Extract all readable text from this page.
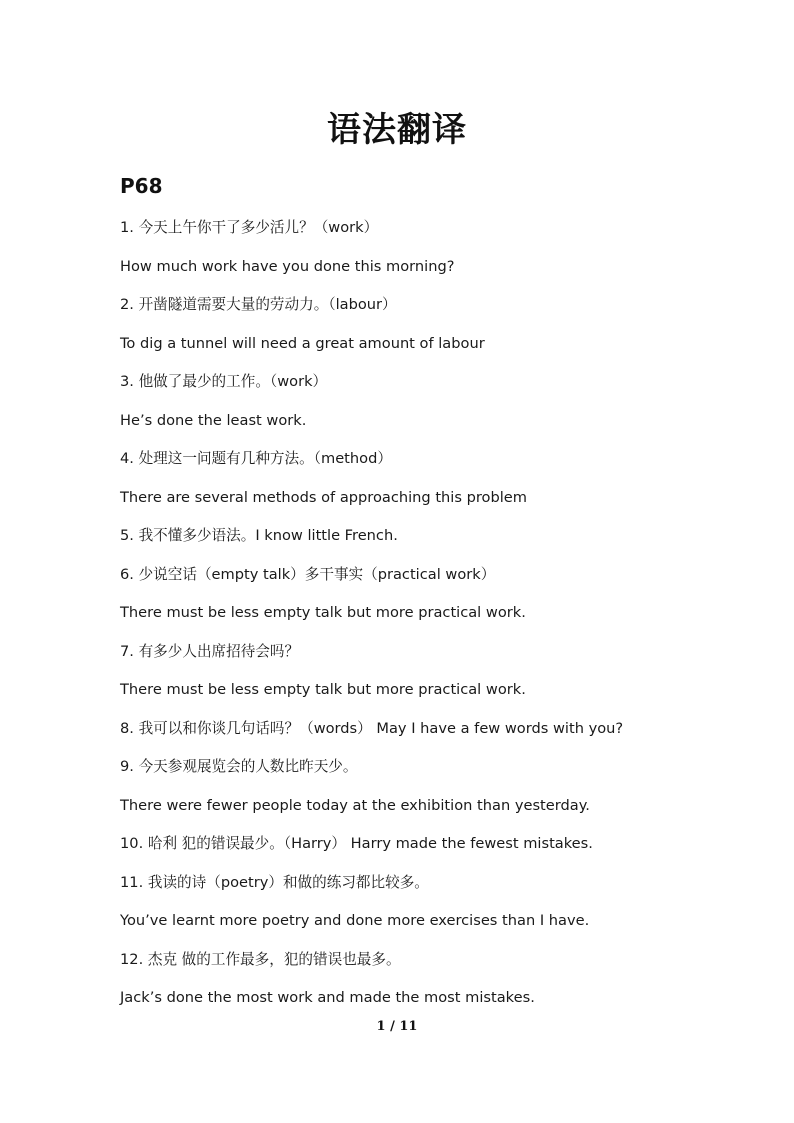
语法翻译
P68
1. 今天上午你干了多少活儿？（work）
How much work have you done this morning?
2. 开凿隧道需要大量的劳动力。（labour）
To dig a tunnel will need a great amount of labour
3. 他做了最少的工作。（work）
He’s done the least work.
4. 处理这一问题有几种方法。（method）
There are several methods of approaching this problem
5. 我不懂多少语法。I know little French.
6. 少说空话（empty talk）多干事实（practical work）
There must be less empty talk but more practical work.
7. 有多少人出席招待会吗？
There must be less empty talk but more practical work.
8. 我可以和你谈几句话吗？（words） May I have a few words with you?
9. 今天参观展览会的人数比昨天少。
There were fewer people today at the exhibition than yesterday.
10. 哈利 犯的错误最少。（Harry） Harry made the fewest mistakes.
11. 我读的诗（poetry）和做的练习都比较多。
You’ve learnt more poetry and done more exercises than I have.
12. 杰克 做的工作最多，犯的错误也最多。
Jack’s done the most work and made the most mistakes.
1 / 11
